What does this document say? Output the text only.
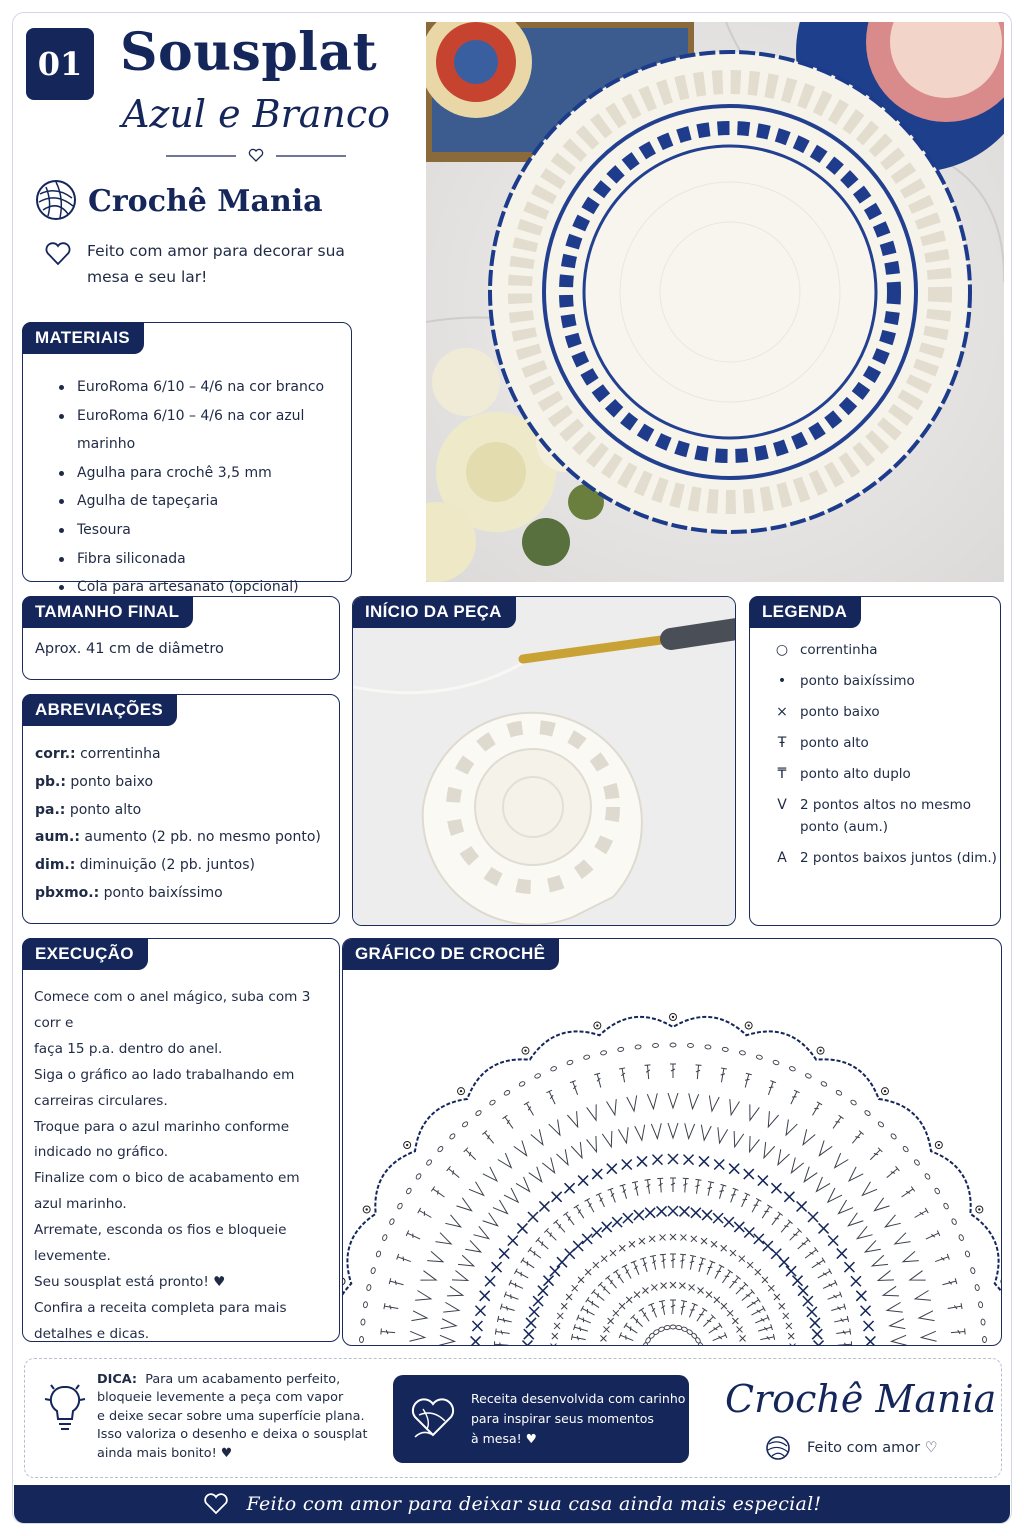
01 Sousplat
Azul e Branco
Crochê Mania
Feito com amor para decorar sua mesa e seu lar!
MATERIAIS
EuroRoma 6/10 – 4/6 na cor branco
EuroRoma 6/10 – 4/6 na cor azul marinho
Agulha para crochê 3,5 mm
Agulha de tapeçaria
Tesoura
Fibra siliconada
Cola para artesanato (opcional)
TAMANHO FINAL
Aprox. 41 cm de diâmetro
ABREVIAÇÕES
corr.: correntinha
pb.: ponto baixo
pa.: ponto alto
aum.: aumento (2 pb. no mesmo ponto)
dim.: diminuição (2 pb. juntos)
pbxmo.: ponto baixíssimo
INÍCIO DA PEÇA	LEGENDA
○ correntinha
•	ponto baixíssimo
× ponto baixo
Ŧ	ponto alto
₸	ponto alto duplo
V 2 pontos altos no mesmo ponto (aum.)
A 2 pontos baixos juntos (dim.)
EXECUÇÃO
Comece com o anel mágico, suba com 3 corr e
faça 15 p.a. dentro do anel.
Siga o gráfico ao lado trabalhando em
carreiras circulares.
Troque para o azul marinho conforme
indicado no gráfico.
Finalize com o bico de acabamento em
azul marinho.
Arremate, esconda os fios e bloqueie
levemente.
Seu sousplat está pronto! ♥
Confira a receita completa para mais
detalhes e dicas.
GRÁFICO DE CROCHÊ
DICA: Para um acabamento perfeito,
bloqueie levemente a peça com vapor
e deixe secar sobre uma superfície plana.
Isso valoriza o desenho e deixa o sousplat
ainda mais bonito! ♥
Receita desenvolvida com carinho
para inspirar seus momentos
à mesa! ♥
Crochê Mania
Feito com amor ♡
Feito com amor para deixar sua casa ainda mais especial!
